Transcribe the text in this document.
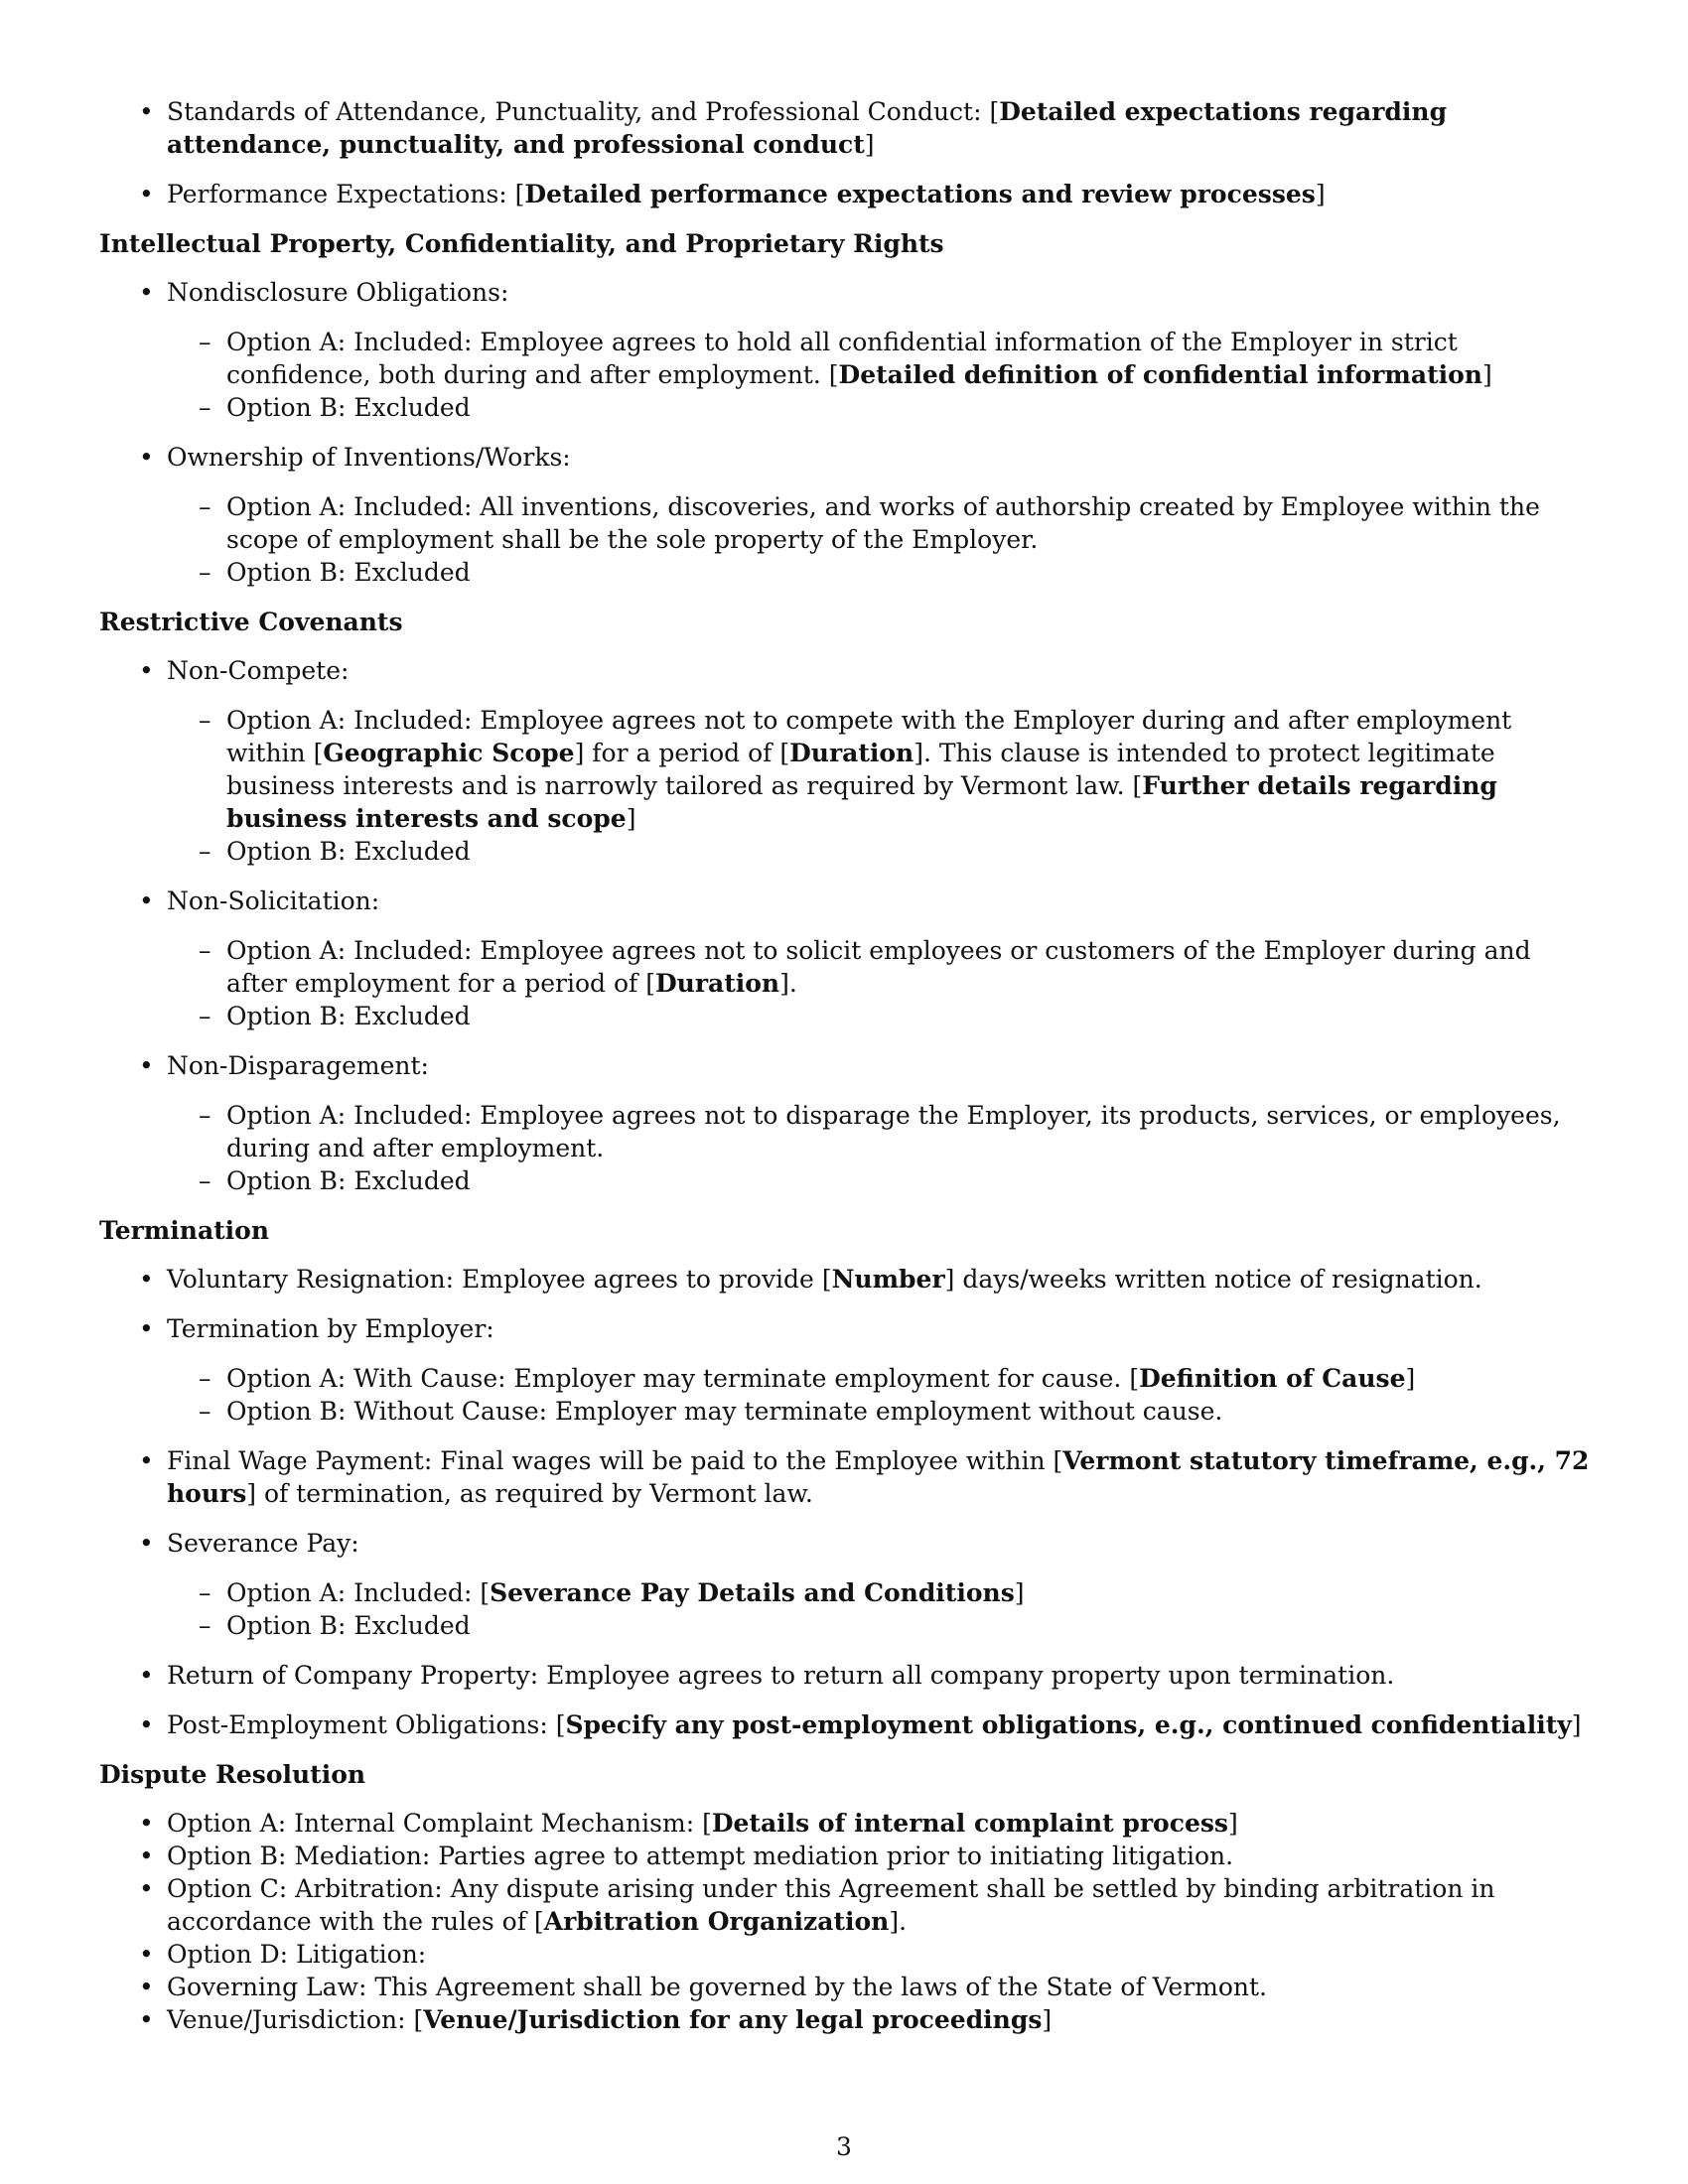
• Standards of Attendance, Punctuality, and Professional Conduct: [Detailed expectations regarding attendance, punctuality, and professional conduct]
• Performance Expectations: [Detailed performance expectations and review processes]
Intellectual Property, Confidentiality, and Proprietary Rights
• Nondisclosure Obligations:
– Option A: Included: Employee agrees to hold all confidential information of the Employer in strict confidence, both during and after employment. [Detailed definition of confidential information]
– Option B: Excluded
• Ownership of Inventions/Works:
– Option A: Included: All inventions, discoveries, and works of authorship created by Employee within the scope of employment shall be the sole property of the Employer.
– Option B: Excluded
Restrictive Covenants
• Non-Compete:
– Option A: Included: Employee agrees not to compete with the Employer during and after employment within [Geographic Scope] for a period of [Duration]. This clause is intended to protect legitimate business interests and is narrowly tailored as required by Vermont law. [Further details regarding business interests and scope]
– Option B: Excluded
• Non-Solicitation:
– Option A: Included: Employee agrees not to solicit employees or customers of the Employer during and after employment for a period of [Duration].
– Option B: Excluded
• Non-Disparagement:
– Option A: Included: Employee agrees not to disparage the Employer, its products, services, or employees, during and after employment.
– Option B: Excluded
Termination
• Voluntary Resignation: Employee agrees to provide [Number] days/weeks written notice of resignation.
• Termination by Employer:
– Option A: With Cause: Employer may terminate employment for cause. [Definition of Cause]
– Option B: Without Cause: Employer may terminate employment without cause.
• Final Wage Payment: Final wages will be paid to the Employee within [Vermont statutory timeframe, e.g., 72 hours] of termination, as required by Vermont law.
• Severance Pay:
– Option A: Included: [Severance Pay Details and Conditions]
– Option B: Excluded
• Return of Company Property: Employee agrees to return all company property upon termination.
• Post-Employment Obligations: [Specify any post-employment obligations, e.g., continued confidentiality]
Dispute Resolution
• Option A: Internal Complaint Mechanism: [Details of internal complaint process]
• Option B: Mediation: Parties agree to attempt mediation prior to initiating litigation.
• Option C: Arbitration: Any dispute arising under this Agreement shall be settled by binding arbitration in accordance with the rules of [Arbitration Organization].
• Option D: Litigation:
• Governing Law: This Agreement shall be governed by the laws of the State of Vermont.
• Venue/Jurisdiction: [Venue/Jurisdiction for any legal proceedings]
3
